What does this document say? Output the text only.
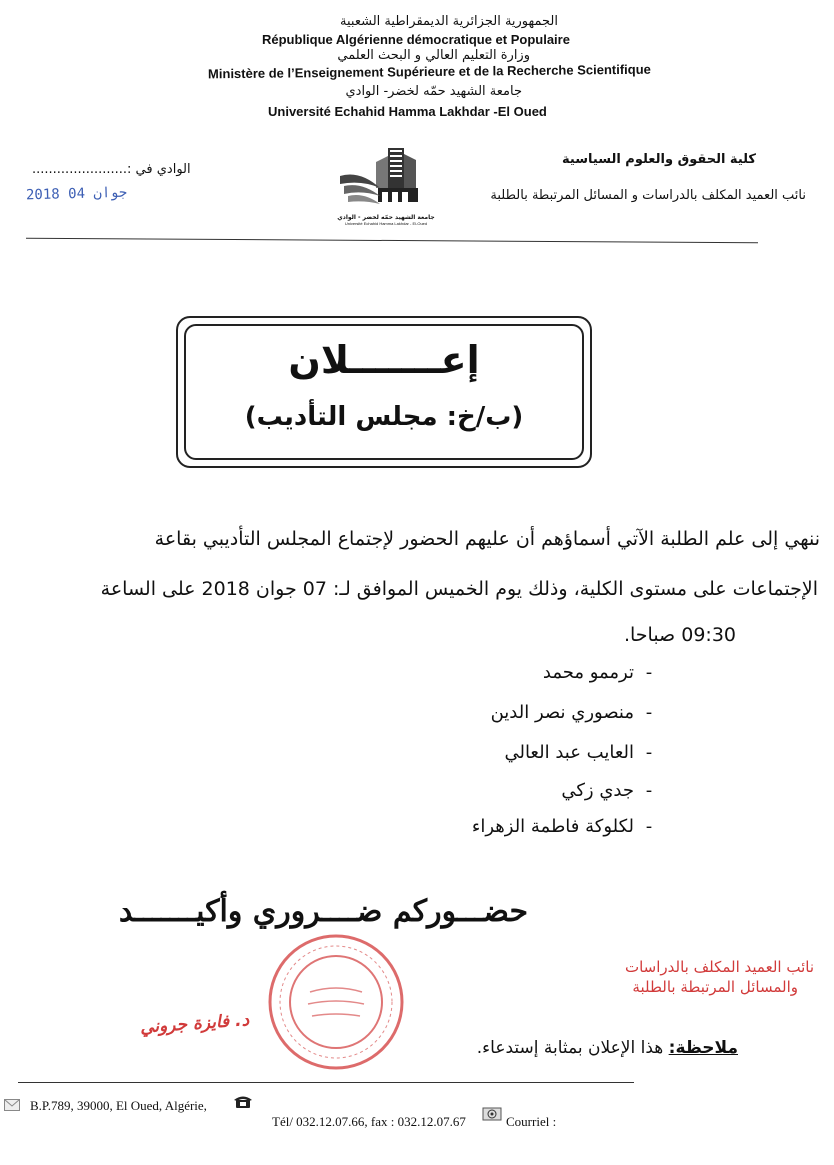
الجمهورية الجزائرية الديمقراطية الشعبية
République Algérienne démocratique et Populaire
وزارة التعليم العالي و البحث العلمي
Ministère de l’Enseignement Supérieure et de la Recherche Scientifique
جامعة الشهيد حمّه لخضر- الوادي
Université Echahid Hamma Lakhdar -El Oued
كلية الحقوق والعلوم السياسية
نائب العميد المكلف بالدراسات و المسائل المرتبطة بالطلبة
الوادي في :.......................
2018 جوان 04
جامعة الشهيد حمّه لخضر - الوادي
Université Echahid Hamma Lakhdar - El-Oued
إعـــــــلان
(ب/خ: مجلس التأديب)
ننهي إلى علم الطلبة الآتي أسماؤهم أن عليهم الحضور لإجتماع المجلس التأديبي بقاعة
الإجتماعات على مستوى الكلية، وذلك يوم الخميس الموافق لـ: 07 جوان 2018 على الساعة
09:30 صباحا.
-ترممو محمد
-منصوري نصر الدين
-العايب عبد العالي
-جدي زكي
-لكلوكة فاطمة الزهراء
حضـــوركم ضــــروري وأكيـــــــد
نائب العميد المكلف بالدراسات
والمسائل المرتبطة بالطلبة
د. فايزة جروني
ملاحظة: هذا الإعلان بمثابة إستدعاء.
B.P.789, 39000, El Oued, Algérie,
Tél/ 032.12.07.66, fax : 032.12.07.67	Courriel :
